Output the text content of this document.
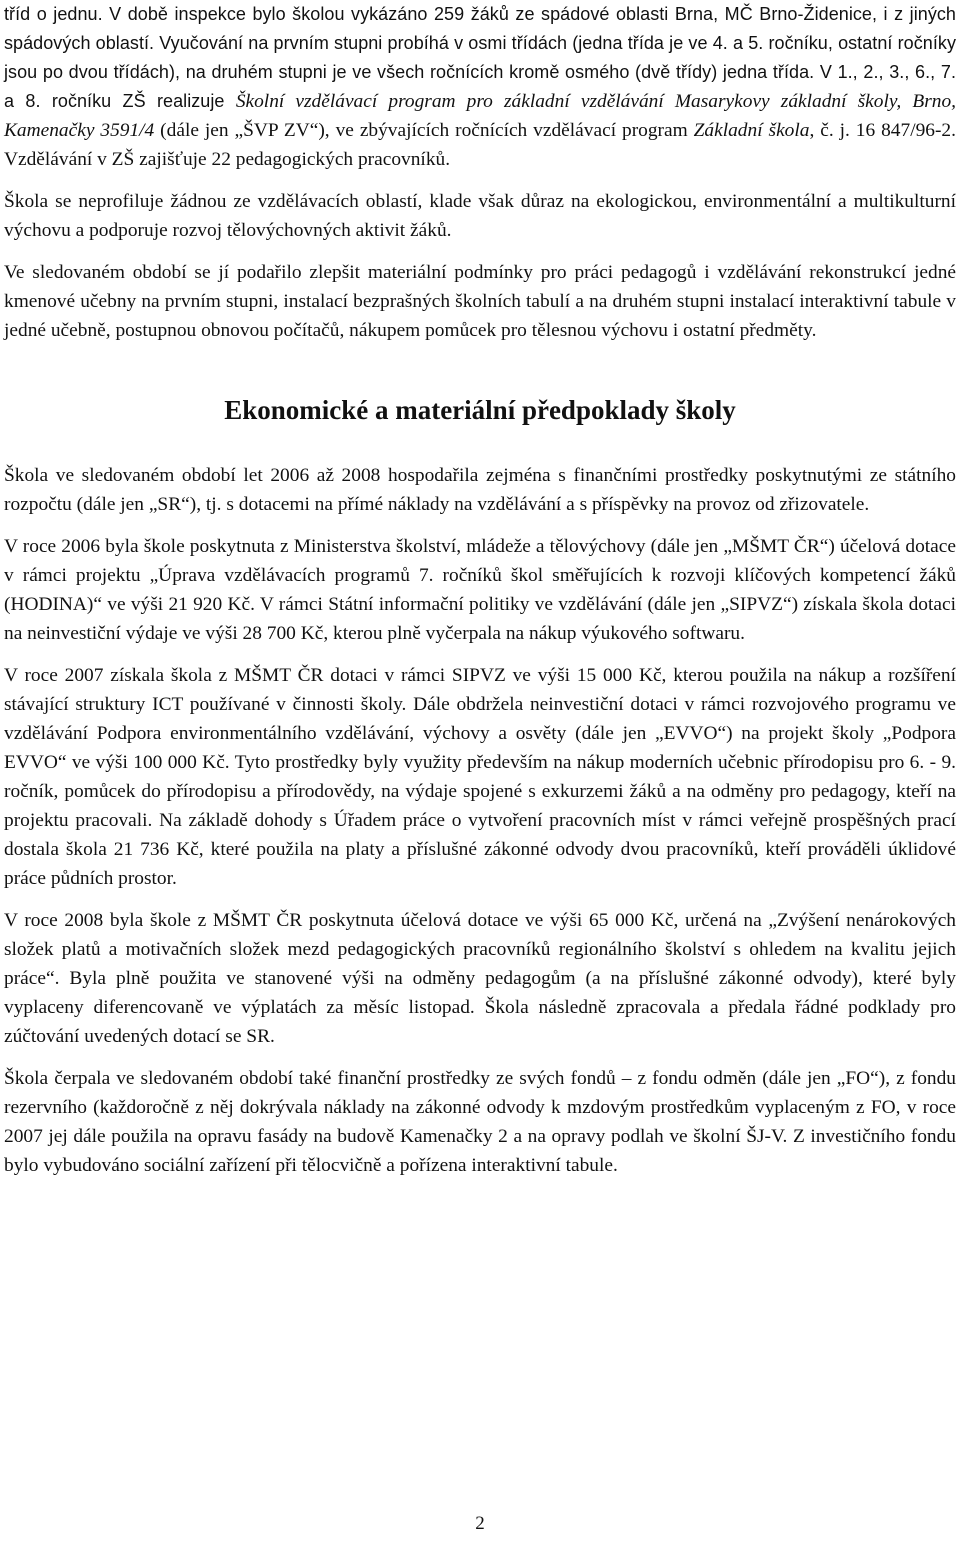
tříd o jednu. V době inspekce bylo školou vykázáno 259 žáků ze spádové oblasti Brna, MČ Brno-Židenice, i z jiných spádových oblastí. Vyučování na prvním stupni probíhá v osmi třídách (jedna třída je ve 4. a 5. ročníku, ostatní ročníky jsou po dvou třídách), na druhém stupni je ve všech ročnících kromě osmého (dvě třídy) jedna třída. V 1., 2., 3., 6., 7. a 8. ročníku ZŠ realizuje Školní vzdělávací program pro základní vzdělávání Masarykovy základní školy, Brno, Kamenačky 3591/4 (dále jen „ŠVP ZV“), ve zbývajících ročnících vzdělávací program Základní škola, č. j. 16 847/96-2. Vzdělávání v ZŠ zajišťuje 22 pedagogických pracovníků.

Škola se neprofiluje žádnou ze vzdělávacích oblastí, klade však důraz na ekologickou, environmentální a multikulturní výchovu a podporuje rozvoj tělovýchovných aktivit žáků.

Ve sledovaném období se jí podařilo zlepšit materiální podmínky pro práci pedagogů i vzdělávání rekonstrukcí jedné kmenové učebny na prvním stupni, instalací bezprašných školních tabulí a na druhém stupni instalací interaktivní tabule v jedné učebně, postupnou obnovou počítačů, nákupem pomůcek pro tělesnou výchovu i ostatní předměty.

Ekonomické a materiální předpoklady školy

Škola ve sledovaném období let 2006 až 2008 hospodařila zejména s finančními prostředky poskytnutými ze státního rozpočtu (dále jen „SR“), tj. s dotacemi na přímé náklady na vzdělávání a s příspěvky na provoz od zřizovatele.

V roce 2006 byla škole poskytnuta z Ministerstva školství, mládeže a tělovýchovy (dále jen „MŠMT ČR“) účelová dotace v rámci projektu „Úprava vzdělávacích programů 7. ročníků škol směřujících k rozvoji klíčových kompetencí žáků (HODINA)“ ve výši 21 920 Kč. V rámci Státní informační politiky ve vzdělávání (dále jen „SIPVZ“) získala škola dotaci na neinvestiční výdaje ve výši 28 700 Kč, kterou plně vyčerpala na nákup výukového softwaru.

V roce 2007 získala škola z MŠMT ČR dotaci v rámci SIPVZ ve výši 15 000 Kč, kterou použila na nákup a rozšíření stávající struktury ICT používané v činnosti školy. Dále obdržela neinvestiční dotaci v rámci rozvojového programu ve vzdělávání Podpora environmentálního vzdělávání, výchovy a osvěty (dále jen „EVVO“) na projekt školy „Podpora EVVO“ ve výši 100 000 Kč. Tyto prostředky byly využity především na nákup moderních učebnic přírodopisu pro 6. - 9. ročník, pomůcek do přírodopisu a přírodovědy, na výdaje spojené s exkurzemi žáků a na odměny pro pedagogy, kteří na projektu pracovali. Na základě dohody s Úřadem práce o vytvoření pracovních míst v rámci veřejně prospěšných prací dostala škola 21 736 Kč, které použila na platy a příslušné zákonné odvody dvou pracovníků, kteří prováděli úklidové práce půdních prostor.

V roce 2008 byla škole z MŠMT ČR poskytnuta účelová dotace ve výši 65 000 Kč, určená na „Zvýšení nenárokových složek platů a motivačních složek mezd pedagogických pracovníků regionálního školství s ohledem na kvalitu jejich práce“. Byla plně použita ve stanovené výši na odměny pedagogům (a na příslušné zákonné odvody), které byly vyplaceny diferencovaně ve výplatách za měsíc listopad. Škola následně zpracovala a předala řádné podklady pro zúčtování uvedených dotací se SR.

Škola čerpala ve sledovaném období také finanční prostředky ze svých fondů – z fondu odměn (dále jen „FO“), z fondu rezervního (každoročně z něj dokrývala náklady na zákonné odvody k mzdovým prostředkům vyplaceným z FO, v roce 2007 jej dále použila na opravu fasády na budově Kamenačky 2 a na opravy podlah ve školní ŠJ-V. Z investičního fondu bylo vybudováno sociální zařízení při tělocvičně a pořízena interaktivní tabule.

2
